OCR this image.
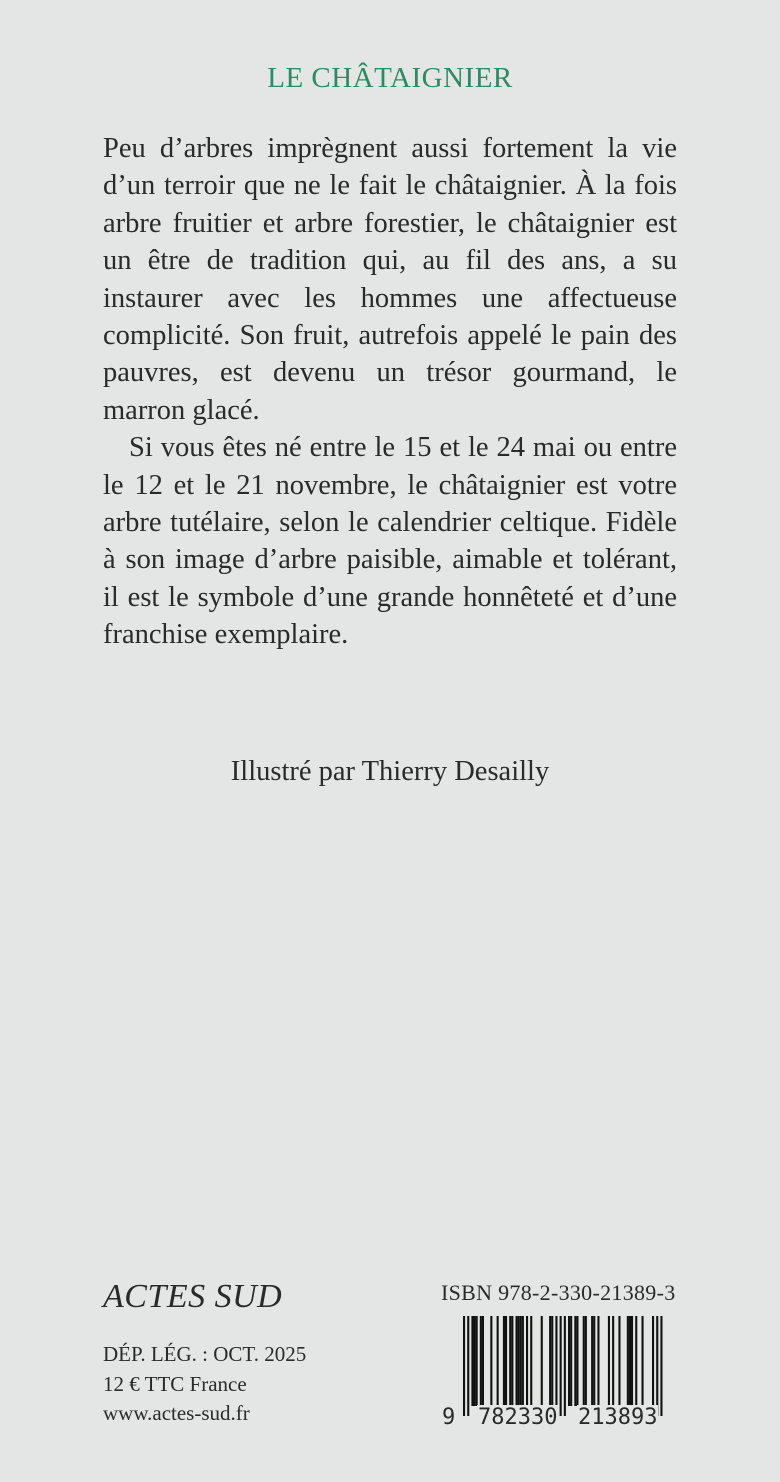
LE CHÂTAIGNIER

Peu d’arbres imprègnent aussi fortement la vie d’un terroir que ne le fait le châtaignier. À la fois arbre fruitier et arbre forestier, le châtaignier est un être de tradition qui, au fil des ans, a su instaurer avec les hommes une affectueuse complicité. Son fruit, autrefois appelé le pain des pauvres, est devenu un trésor gourmand, le marron glacé.

Si vous êtes né entre le 15 et le 24 mai ou entre le 12 et le 21 novembre, le châtaignier est votre arbre tutélaire, selon le calendrier celtique. Fidèle à son image d’arbre paisible, aimable et tolérant, il est le symbole d’une grande honnêteté et d’une franchise exemplaire.

Illustré par Thierry Desailly
ACTES SUD
DÉP. LÉG. : OCT. 2025
12 € TTC France
www.actes-sud.fr
ISBN 978-2-330-21389-3
9 782330 213893
